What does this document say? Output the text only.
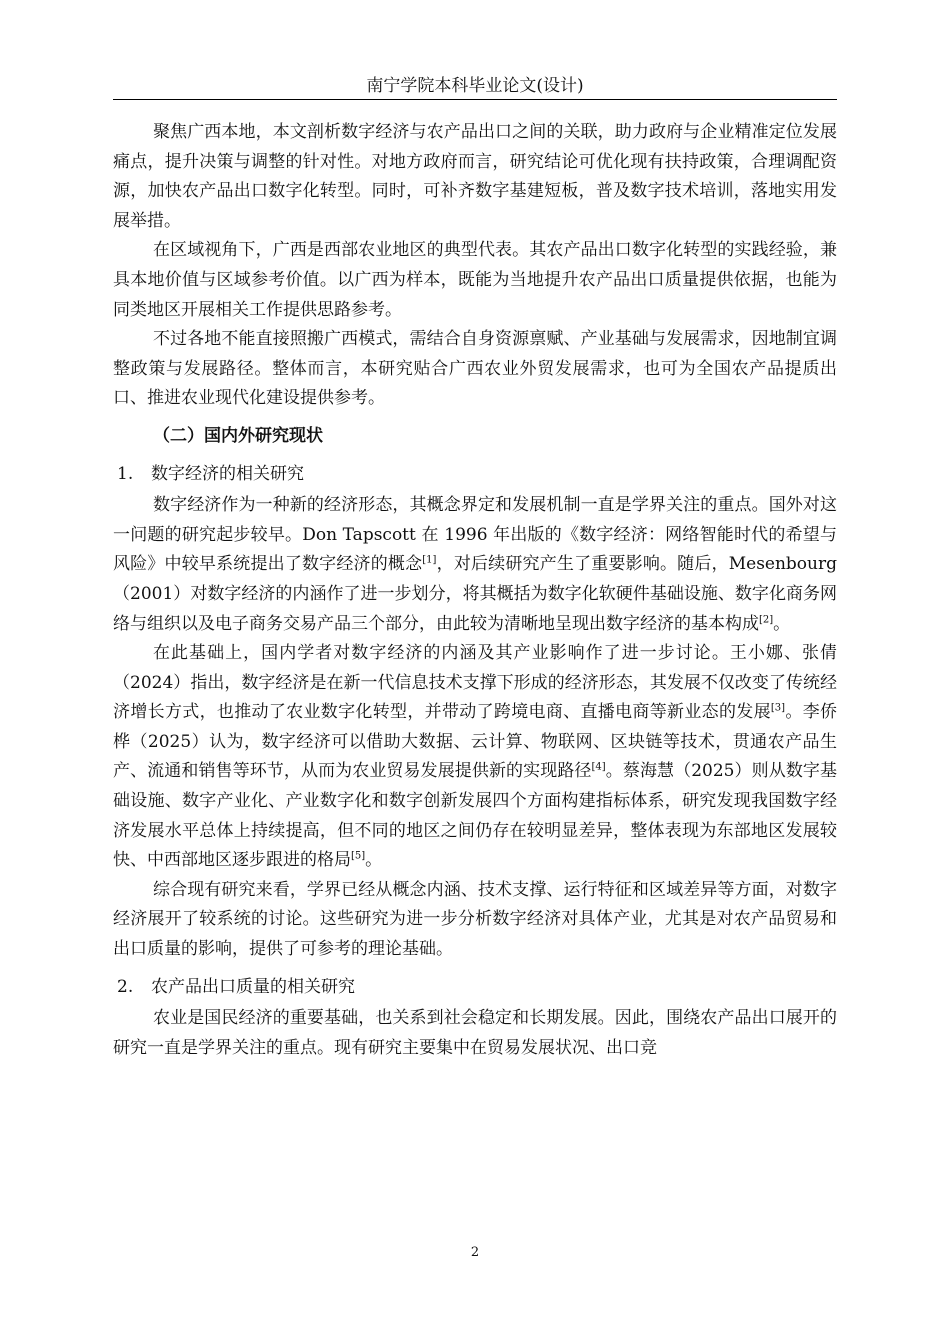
南宁学院本科毕业论文(设计)

聚焦广西本地，本文剖析数字经济与农产品出口之间的关联，助力政府与企业精准定位发展痛点，提升决策与调整的针对性。对地方政府而言，研究结论可优化现有扶持政策，合理调配资源，加快农产品出口数字化转型。同时，可补齐数字基建短板，普及数字技术培训，落地实用发展举措。

在区域视角下，广西是西部农业地区的典型代表。其农产品出口数字化转型的实践经验，兼具本地价值与区域参考价值。以广西为样本，既能为当地提升农产品出口质量提供依据，也能为同类地区开展相关工作提供思路参考。

不过各地不能直接照搬广西模式，需结合自身资源禀赋、产业基础与发展需求，因地制宜调整政策与发展路径。整体而言，本研究贴合广西农业外贸发展需求，也可为全国农产品提质出口、推进农业现代化建设提供参考。

（二）国内外研究现状

1. 数字经济的相关研究

数字经济作为一种新的经济形态，其概念界定和发展机制一直是学界关注的重点。国外对这一问题的研究起步较早。Don Tapscott 在 1996 年出版的《数字经济：网络智能时代的希望与风险》中较早系统提出了数字经济的概念[1]，对后续研究产生了重要影响。随后，Mesenbourg（2001）对数字经济的内涵作了进一步划分，将其概括为数字化软硬件基础设施、数字化商务网络与组织以及电子商务交易产品三个部分，由此较为清晰地呈现出数字经济的基本构成[2]。

在此基础上，国内学者对数字经济的内涵及其产业影响作了进一步讨论。王小娜、张倩（2024）指出，数字经济是在新一代信息技术支撑下形成的经济形态，其发展不仅改变了传统经济增长方式，也推动了农业数字化转型，并带动了跨境电商、直播电商等新业态的发展[3]。李侨桦（2025）认为，数字经济可以借助大数据、云计算、物联网、区块链等技术，贯通农产品生产、流通和销售等环节，从而为农业贸易发展提供新的实现路径[4]。蔡海慧（2025）则从数字基础设施、数字产业化、产业数字化和数字创新发展四个方面构建指标体系，研究发现我国数字经济发展水平总体上持续提高，但不同的地区之间仍存在较明显差异，整体表现为东部地区发展较快、中西部地区逐步跟进的格局[5]。

综合现有研究来看，学界已经从概念内涵、技术支撑、运行特征和区域差异等方面，对数字经济展开了较系统的讨论。这些研究为进一步分析数字经济对具体产业，尤其是对农产品贸易和出口质量的影响，提供了可参考的理论基础。

2. 农产品出口质量的相关研究

农业是国民经济的重要基础，也关系到社会稳定和长期发展。因此，围绕农产品出口展开的研究一直是学界关注的重点。现有研究主要集中在贸易发展状况、出口竞

2
